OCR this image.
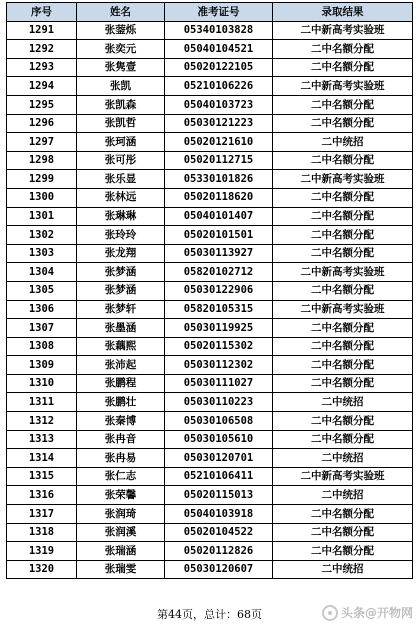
序号	姓名	准考证号	录取结果
1291	张蓥烁	05340103828	二中新高考实验班
1292	张奕元	05040104521	二中名额分配
1293	张隽壹	05020122105	二中名额分配
1294	张凯	05210106226	二中新高考实验班
1295	张凯森	05040103723	二中名额分配
1296	张凯哲	05030121223	二中名额分配
1297	张珂涵	05020121610	二中统招
1298	张可彤	05020112715	二中名额分配
1299	张乐显	05330101826	二中新高考实验班
1300	张林远	05020118620	二中名额分配
1301	张琳琳	05040101407	二中名额分配
1302	张玲玲	05020101501	二中名额分配
1303	张龙翔	05030113927	二中名额分配
1304	张梦涵	05820102712	二中新高考实验班
1305	张梦涵	05030122906	二中名额分配
1306	张梦轩	05820105315	二中新高考实验班
1307	张墨涵	05030119925	二中名额分配
1308	张藕熙	05020115302	二中名额分配
1309	张沛起	05030112302	二中名额分配
1310	张鹏程	05030111027	二中名额分配
1311	张鹏壮	05030110223	二中统招
1312	张秦博	05030106508	二中名额分配
1313	张冉音	05030105610	二中名额分配
1314	张冉易	05030120701	二中统招
1315	张仁志	05210106411	二中新高考实验班
1316	张荣馨	05020115013	二中统招
1317	张润琦	05040103918	二中名额分配
1318	张润溪	05020104522	二中名额分配
1319	张瑞涵	05020112826	二中名额分配
1320	张瑞雯	05030120607	二中统招
第44页，总计：68页	头条@开物网
